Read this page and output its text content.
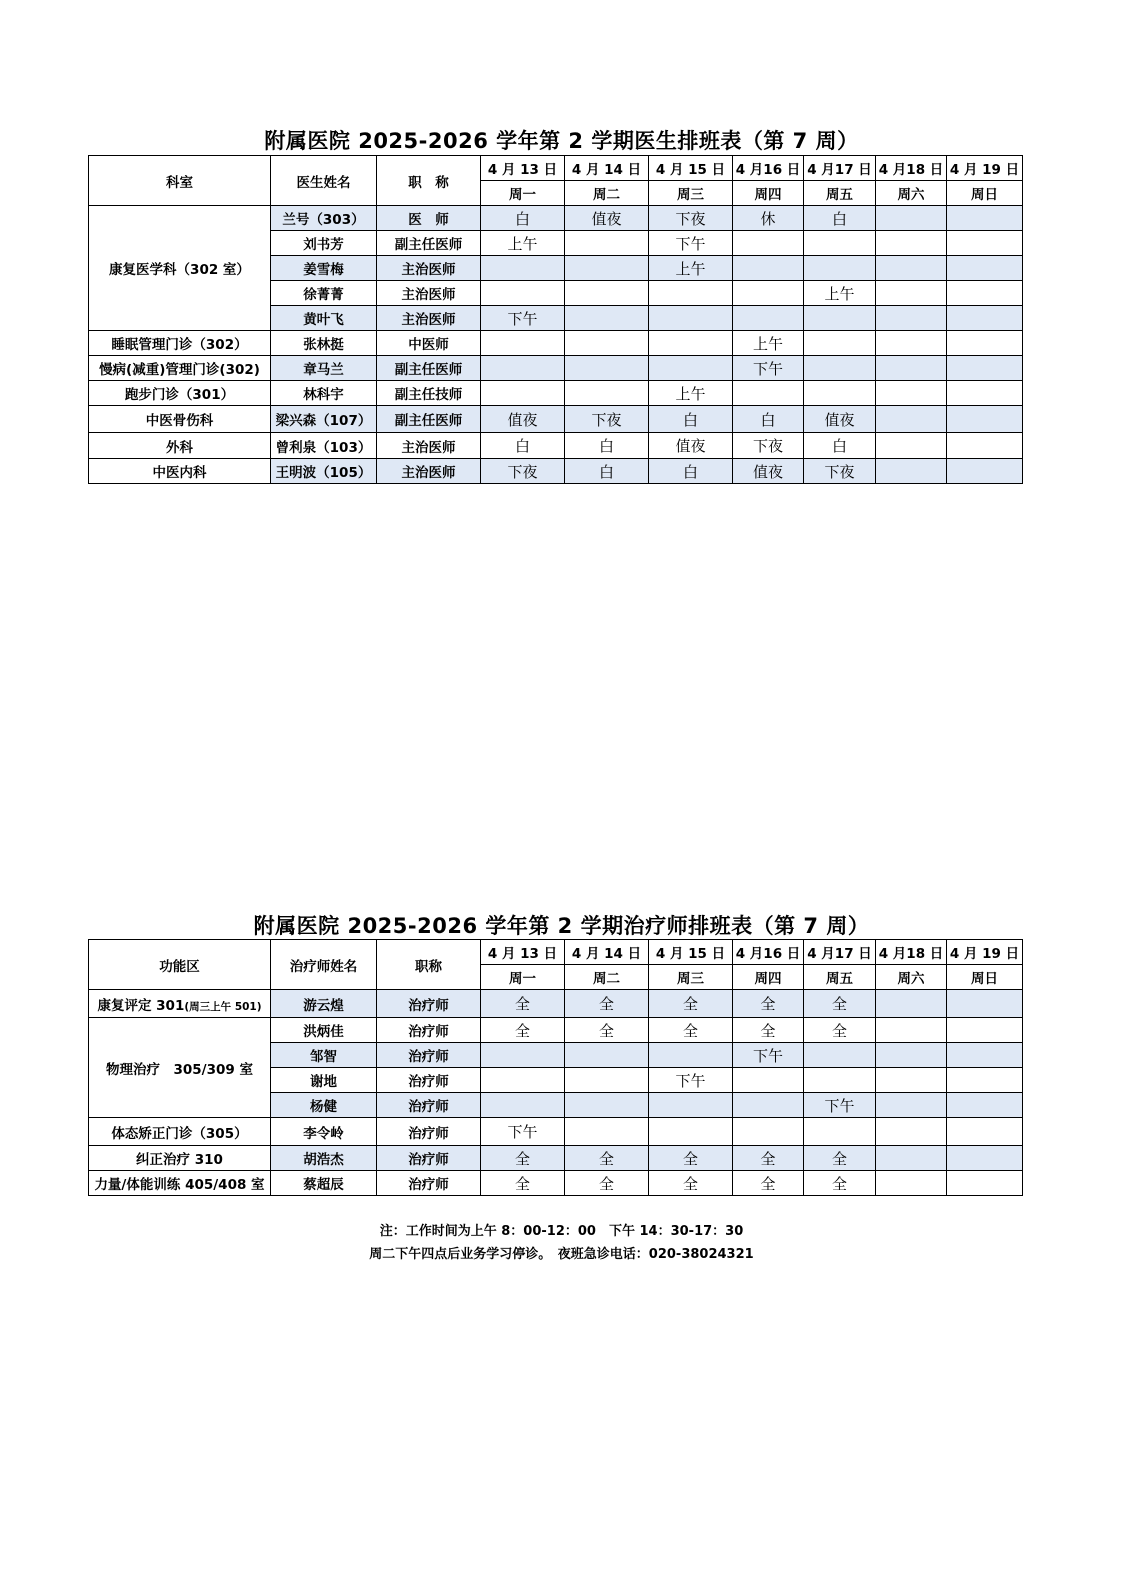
附属医院 2025-2026 学年第 2 学期医生排班表（第 7 周）
科室	医生姓名	职　称	4 月 13 日	4 月 14 日	4 月 15 日	4 月16 日	4 月17 日	4 月18 日	4 月 19 日
			周一	周二	周三	周四	周五	周六	周日
康复医学科（302 室）	兰号（303）	医　师	白	值夜	下夜	休	白		
	刘书芳	副主任医师	上午		下午				
	姜雪梅	主治医师			上午				
	徐菁菁	主治医师					上午		
	黄叶飞	主治医师	下午						
睡眠管理门诊（302）	张林挺	中医师				上午			
慢病(减重)管理门诊(302)	章马兰	副主任医师				下午			
跑步门诊（301）	林科宇	副主任技师			上午				
中医骨伤科	梁兴森（107）	副主任医师	值夜	下夜	白	白	值夜		
外科	曾利泉（103）	主治医师	白	白	值夜	下夜	白		
中医内科	王明波（105）	主治医师	下夜	白	白	值夜	下夜		
附属医院 2025-2026 学年第 2 学期治疗师排班表（第 7 周）
功能区	治疗师姓名	职称	4 月 13 日	4 月 14 日	4 月 15 日	4 月16 日	4 月17 日	4 月18 日	4 月 19 日
			周一	周二	周三	周四	周五	周六	周日
康复评定 301(周三上午 501)	游云煌	治疗师	全	全	全	全	全		
物理治疗　305/309 室	洪炳佳	治疗师	全	全	全	全	全		
	邹智	治疗师				下午			
	谢地	治疗师			下午				
	杨健	治疗师					下午		
体态矫正门诊（305）	李令岭	治疗师	下午						
纠正治疗 310	胡浩杰	治疗师	全	全	全	全	全		
力量/体能训练 405/408 室	蔡超辰	治疗师	全	全	全	全	全		
注：工作时间为上午 8：00-12：00　下午 14：30-17：30
周二下午四点后业务学习停诊。　夜班急诊电话：020-38024321
